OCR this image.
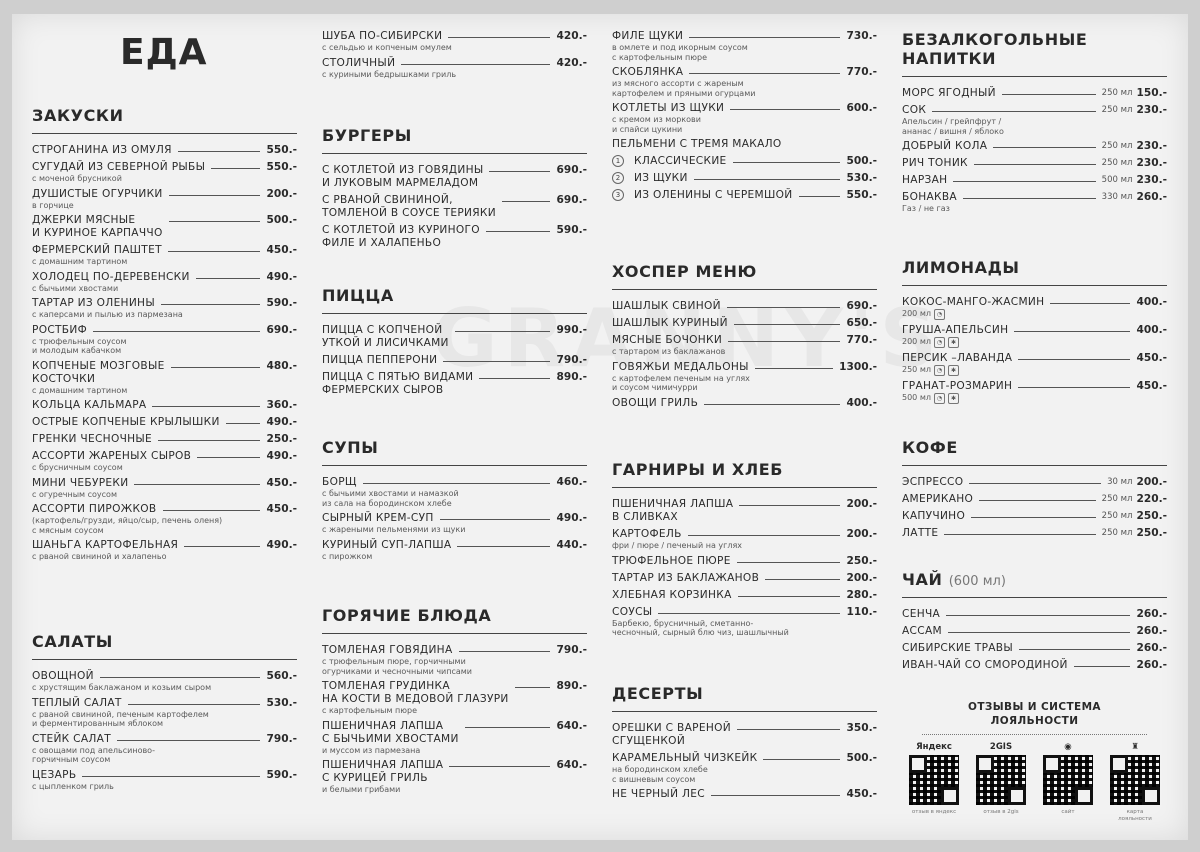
ЕДА
ЗАКУСКИ
СТРОГАНИНА ИЗ ОМУЛЯ	550.-
СУГУДАЙ ИЗ СЕВЕРНОЙ РЫБЫ	550.-
с моченой брусникой
ДУШИСТЫЕ ОГУРЧИКИ	200.-
в горчице
ДЖЕРКИ МЯСНЫЕ
И КУРИНОЕ КАРПАЧЧО
500.-
ФЕРМЕРСКИЙ ПАШТЕТ	450.-
с домашним тартином
ХОЛОДЕЦ ПО-ДЕРЕВЕНСКИ	490.-
с бычьими хвостами
ТАРТАР ИЗ ОЛЕНИНЫ	590.-
с каперсами и пылью из пармезана
РОСТБИФ	690.-
с трюфельным соусом
и молодым кабачком
КОПЧЕНЫЕ МОЗГОВЫЕ
КОСТОЧКИ
480.-
с домашним тартином
КОЛЬЦА КАЛЬМАРА	360.-
ОСТРЫЕ КОПЧЕНЫЕ КРЫЛЫШКИ	490.-
ГРЕНКИ ЧЕСНОЧНЫЕ	250.-
АССОРТИ ЖАРЕНЫХ СЫРОВ	490.-
с брусничным соусом
МИНИ ЧЕБУРЕКИ	450.-
с огуречным соусом
АССОРТИ ПИРОЖКОВ	450.-
(картофель/грузди, яйцо/сыр, печень оленя)
с мясным соусом
ШАНЬГА КАРТОФЕЛЬНАЯ	490.-
с рваной свининой и халапеньо
САЛАТЫ
ОВОЩНОЙ	560.-
с хрустящим баклажаном и козьим сыром
ТЕПЛЫЙ САЛАТ	530.-
с рваной свининой, печеным картофелем
и ферментированным яблоком
СТЕЙК САЛАТ	790.-
с овощами под апельсиново-
горчичным соусом
ЦЕЗАРЬ	590.-
с цыпленком гриль
ШУБА ПО-СИБИРСКИ	420.-
с сельдью и копченым омулем
СТОЛИЧНЫЙ	420.-
с куриными бедрышками гриль
БУРГЕРЫ
С КОТЛЕТОЙ ИЗ ГОВЯДИНЫ
И ЛУКОВЫМ МАРМЕЛАДОМ
690.-
С РВАНОЙ СВИНИНОЙ,
ТОМЛЕНОЙ В СОУСЕ ТЕРИЯКИ
690.-
С КОТЛЕТОЙ ИЗ КУРИНОГО
ФИЛЕ И ХАЛАПЕНЬО
590.-
ПИЦЦА
ПИЦЦА С КОПЧЕНОЙ
УТКОЙ И ЛИСИЧКАМИ
990.-
ПИЦЦА ПЕППЕРОНИ	790.-
ПИЦЦА С ПЯТЬЮ ВИДАМИ
ФЕРМЕРСКИХ СЫРОВ
890.-
СУПЫ
БОРЩ	460.-
с бычьими хвостами и намазкой
из сала на бородинском хлебе
СЫРНЫЙ КРЕМ-СУП	490.-
с жареными пельменями из щуки
КУРИНЫЙ СУП-ЛАПША	440.-
с пирожком
ГОРЯЧИЕ БЛЮДА
ТОМЛЕНАЯ ГОВЯДИНА	790.-
с трюфельным пюре, горчичными
огурчиками и чесночными чипсами
ТОМЛЕНАЯ ГРУДИНКА
НА КОСТИ В МЕДОВОЙ ГЛАЗУРИ
890.-
с картофельным пюре
ПШЕНИЧНАЯ ЛАПША
С БЫЧЬИМИ ХВОСТАМИ
640.-
и муссом из пармезана
ПШЕНИЧНАЯ ЛАПША
С КУРИЦЕЙ ГРИЛЬ
640.-
и белыми грибами
ФИЛЕ ЩУКИ	730.-
в омлете и под икорным соусом
с картофельным пюре
СКОБЛЯНКА	770.-
из мясного ассорти с жареным
картофелем и пряными огурцами
КОТЛЕТЫ ИЗ ЩУКИ	600.-
с кремом из моркови
и спайси цукини
ПЕЛЬМЕНИ С ТРЕМЯ МАКАЛО
1	КЛАССИЧЕСКИЕ	500.-
2	ИЗ ЩУКИ	530.-
3	ИЗ ОЛЕНИНЫ С ЧЕРЕМШОЙ	550.-
ХОСПЕР МЕНЮ
ШАШЛЫК СВИНОЙ	690.-
ШАШЛЫК КУРИНЫЙ	650.-
МЯСНЫЕ БОЧОНКИ	770.-
с тартаром из баклажанов
ГОВЯЖЬИ МЕДАЛЬОНЫ	1300.-
с картофелем печеным на углях
и соусом чимичурри
ОВОЩИ ГРИЛЬ	400.-
ГАРНИРЫ И ХЛЕБ
ПШЕНИЧНАЯ ЛАПША
В СЛИВКАХ
200.-
КАРТОФЕЛЬ	200.-
фри / пюре / печеный на углях
ТРЮФЕЛЬНОЕ ПЮРЕ	250.-
ТАРТАР ИЗ БАКЛАЖАНОВ	200.-
ХЛЕБНАЯ КОРЗИНКА	280.-
СОУСЫ	110.-
Барбекю, брусничный, сметанно-
чесночный, сырный блю чиз, шашлычный
ДЕСЕРТЫ
ОРЕШКИ С ВАРЕНОЙ
СГУЩЕНКОЙ
350.-
КАРАМЕЛЬНЫЙ ЧИЗКЕЙК	500.-
на бородинском хлебе
с вишневым соусом
НЕ ЧЕРНЫЙ ЛЕС	450.-
БЕЗАЛКОГОЛЬНЫЕ
НАПИТКИ
МОРС ЯГОДНЫЙ	250 мл 150.-
СОК	250 мл 230.-
Апельсин / грейпфрут /
ананас / вишня / яблоко
ДОБРЫЙ КОЛА	250 мл 230.-
РИЧ ТОНИК	250 мл 230.-
НАРЗАН	500 мл 230.-
БОНАКВА	330 мл 260.-
Газ / не газ
ЛИМОНАДЫ
КОКОС-МАНГО-ЖАСМИН	400.-
200 мл ◔
ГРУША-АПЕЛЬСИН	400.-
200 мл ◔ ✱
ПЕРСИК –ЛАВАНДА	450.-
250 мл ◔ ✱
ГРАНАТ-РОЗМАРИН	450.-
500 мл ◔ ✱
КОФЕ
ЭСПРЕССО	30 мл 200.-
АМЕРИКАНО	250 мл 220.-
КАПУЧИНО	250 мл 250.-
ЛАТТЕ	250 мл 250.-
ЧАЙ (600 мл)
СЕНЧА	260.-
АССАМ	260.-
СИБИРСКИЕ ТРАВЫ	260.-
ИВАН-ЧАЙ СО СМОРОДИНОЙ	260.-
ОТЗЫВЫ И СИСТЕМА
ЛОЯЛЬНОСТИ
Яндекс
отзыв в яндекс
2GIS
отзыв в 2gis
◉
сайт
♜
карта лояльности
